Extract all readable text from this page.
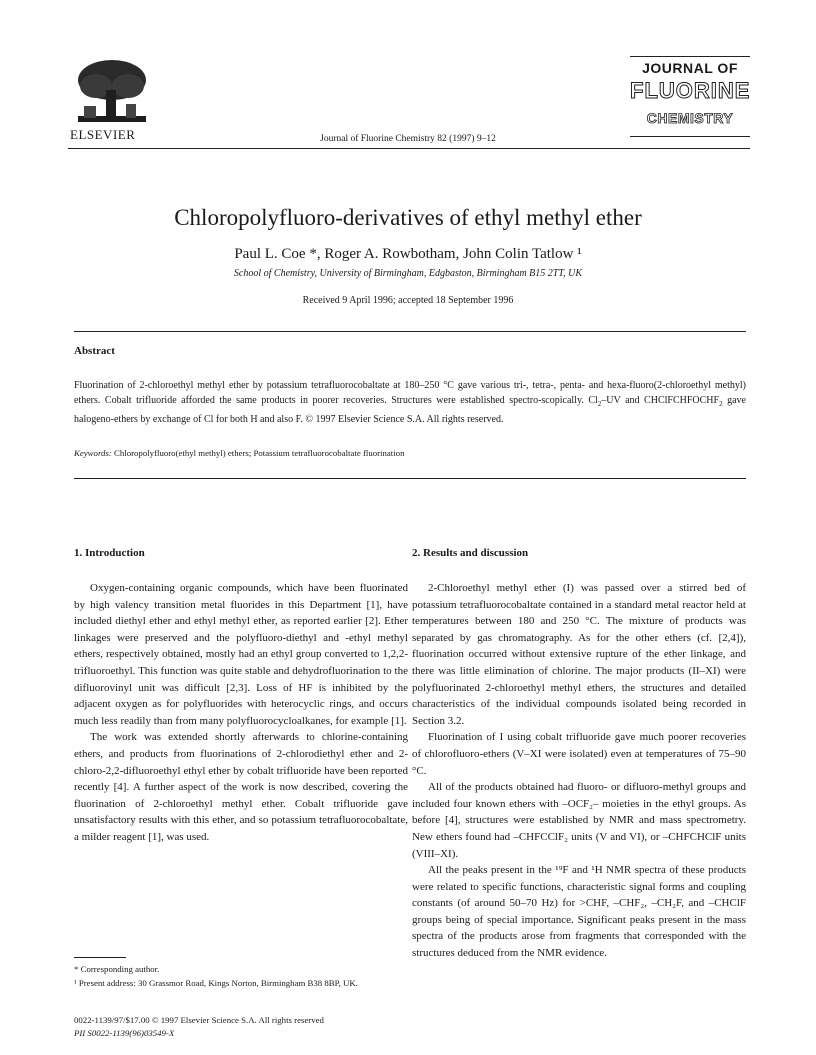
ELSEVIER	Journal of Fluorine Chemistry 82 (1997) 9–12
JOURNAL OF
FLUORINE
CHEMISTRY
Chloropolyfluoro-derivatives of ethyl methyl ether
Paul L. Coe *, Roger A. Rowbotham, John Colin Tatlow ¹
School of Chemistry, University of Birmingham, Edgbaston, Birmingham B15 2TT, UK
Received 9 April 1996; accepted 18 September 1996
Abstract
Fluorination of 2-chloroethyl methyl ether by potassium tetrafluorocobaltate at 180–250 °C gave various tri-, tetra-, penta- and hexa-fluoro(2-chloroethyl methyl) ethers. Cobalt trifluoride afforded the same products in poorer recoveries. Structures were established spectro-scopically. $Cl_2-UV$ and CHClFCHFOCHF$_2$ gave halogeno-ethers by exchange of Cl for both H and also F. © 1997 Elsevier Science S.A. All rights reserved.
Keywords: Chloropolyfluoro(ethyl methyl) ethers; Potassium tetrafluorocobaltate fluorination
1. Introduction

Oxygen-containing organic compounds, which have been fluorinated by high valency transition metal fluorides in this Department [1], have included diethyl ether and ethyl methyl ether, as reported earlier [2]. Ether linkages were preserved and the polyfluoro-diethyl and -ethyl methyl ethers, respectively obtained, mostly had an ethyl group converted to 1,2,2-trifluoroethyl. This function was quite stable and dehydrofluorination to the difluorovinyl unit was difficult [2,3]. Loss of HF is inhibited by the adjacent oxygen as for polyfluorides with heterocyclic rings, and occurs much less readily than from many polyfluorocycloalkanes, for example [1].

The work was extended shortly afterwards to chlorine-containing ethers, and products from fluorinations of 2-chlorodiethyl ether and 2-chloro-2,2-difluoroethyl ethyl ether by cobalt trifluoride have been reported recently [4]. A further aspect of the work is now described, covering the fluorination of 2-chloroethyl methyl ether. Cobalt trifluoride gave unsatisfactory results with this ether, and so potassium tetrafluorocobaltate, a milder reagent [1], was used.

2. Results and discussion

2-Chloroethyl methyl ether (I) was passed over a stirred bed of potassium tetrafluorocobaltate contained in a standard metal reactor held at temperatures between 180 and 250 °C. The mixture of products was separated by gas chromatography. As for the other ethers (cf. [2,4]), fluorination occurred without extensive rupture of the ether linkage, and there was little elimination of chlorine. The major products (II–XI) were polyfluorinated 2-chloroethyl methyl ethers, the structures and detailed characteristics of the individual compounds isolated being recorded in Section 3.2.

Fluorination of I using cobalt trifluoride gave much poorer recoveries of chlorofluoro-ethers (V–XI were isolated) even at temperatures of 75–90 °C.

All of the products obtained had fluoro- or difluoro-methyl groups and included four known ethers with –OCF₂– moieties in the ethyl groups. As before [4], structures were established by NMR and mass spectrometry. New ethers found had –CHFCClF₂ units (V and VI), or –CHFCHClF units (VIII–XI).

All the peaks present in the ¹⁹F and ¹H NMR spectra of these products were related to specific functions, characteristic signal forms and coupling constants (of around 50–70 Hz) for >CHF, –CHF₂, –CH₂F, and –CHClF groups being of special importance. Significant peaks present in the mass spectra of the products arose from fragments that corresponded with the structures deduced from the NMR evidence.

* Corresponding author.
¹ Present address: 30 Grassmor Road, Kings Norton, Birmingham B38 8BP, UK.
0022-1139/97/$17.00 © 1997 Elsevier Science S.A. All rights reserved
PII S0022-1139(96)03549-X
